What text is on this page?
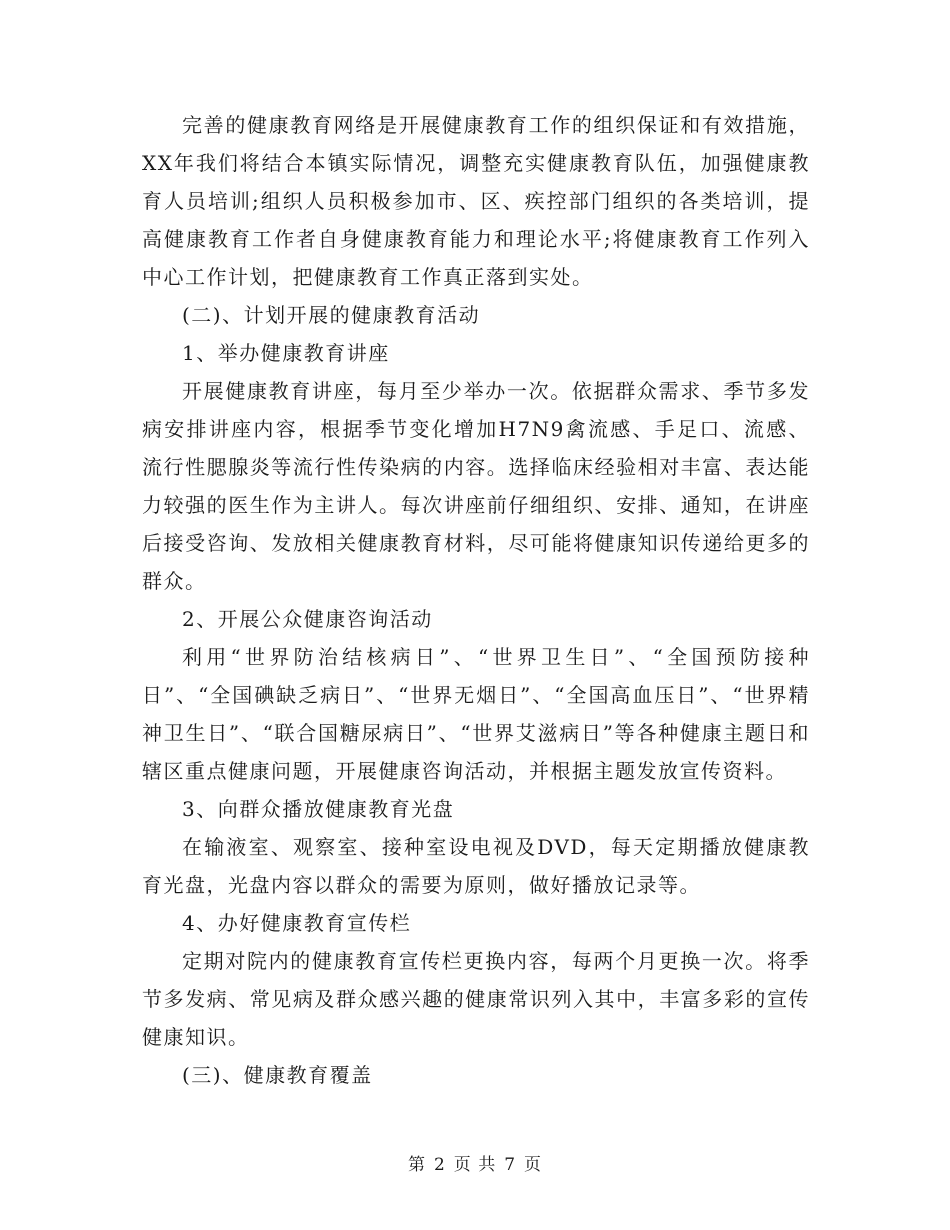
完善的健康教育网络是开展健康教育工作的组织保证和有效措施，XX年我们将结合本镇实际情况，调整充实健康教育队伍，加强健康教育人员培训;组织人员积极参加市、区、疾控部门组织的各类培训，提高健康教育工作者自身健康教育能力和理论水平;将健康教育工作列入中心工作计划，把健康教育工作真正落到实处。

(二)、计划开展的健康教育活动

1、举办健康教育讲座

开展健康教育讲座，每月至少举办一次。依据群众需求、季节多发病安排讲座内容，根据季节变化增加H7N9禽流感、手足口、流感、流行性腮腺炎等流行性传染病的内容。选择临床经验相对丰富、表达能力较强的医生作为主讲人。每次讲座前仔细组织、安排、通知，在讲座后接受咨询、发放相关健康教育材料，尽可能将健康知识传递给更多的群众。

2、开展公众健康咨询活动

利用“世界防治结核病日”、“世界卫生日”、“全国预防接种日”、“全国碘缺乏病日”、“世界无烟日”、“全国高血压日”、“世界精神卫生日”、“联合国糖尿病日”、“世界艾滋病日”等各种健康主题日和辖区重点健康问题，开展健康咨询活动，并根据主题发放宣传资料。

3、向群众播放健康教育光盘

在输液室、观察室、接种室设电视及DVD，每天定期播放健康教育光盘，光盘内容以群众的需要为原则，做好播放记录等。

4、办好健康教育宣传栏

定期对院内的健康教育宣传栏更换内容，每两个月更换一次。将季节多发病、常见病及群众感兴趣的健康常识列入其中，丰富多彩的宣传健康知识。

(三)、健康教育覆盖

第 2 页 共 7 页
